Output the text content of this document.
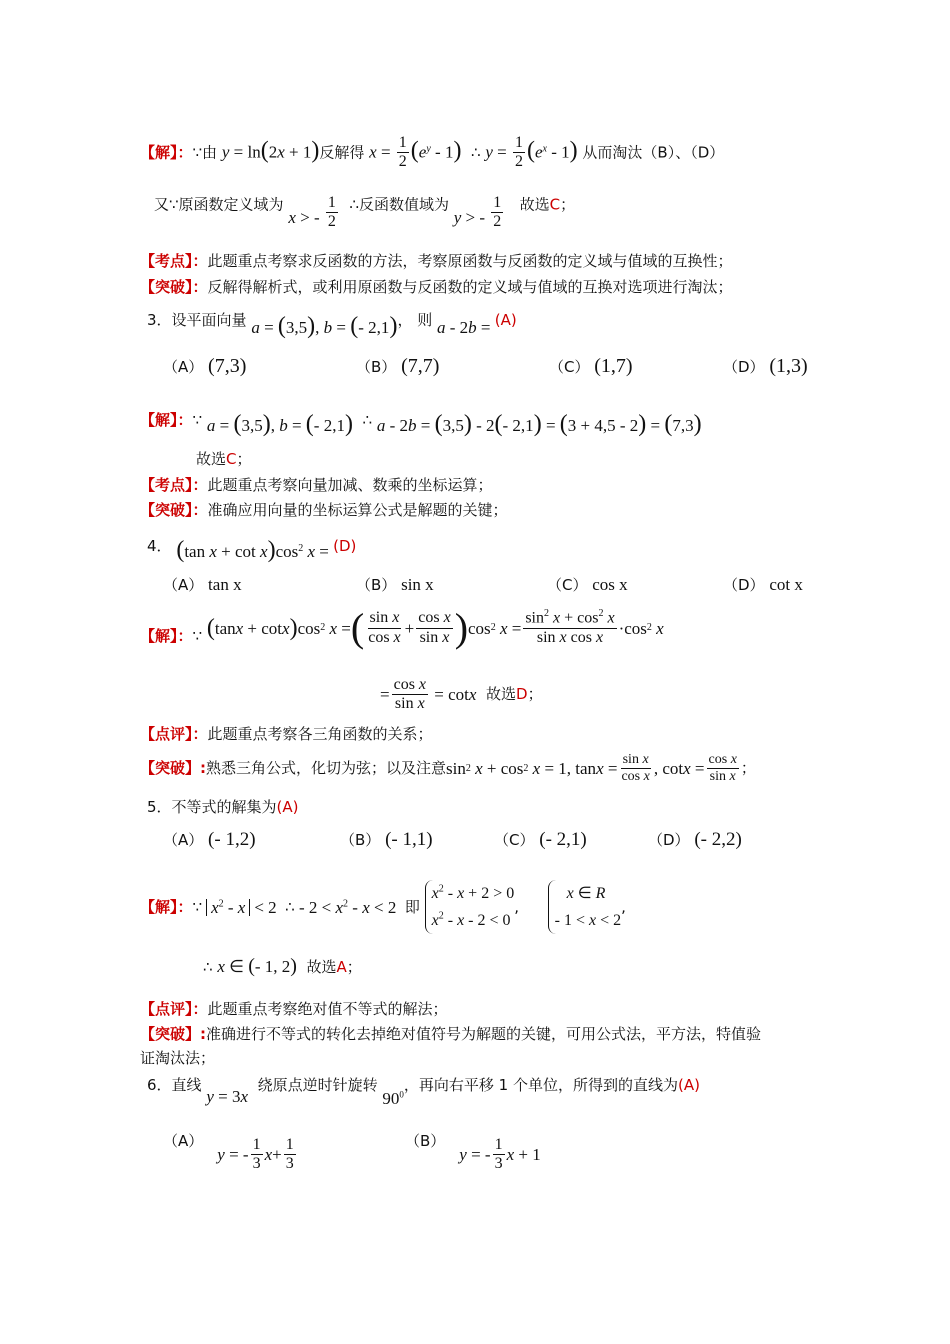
【解】：∵由 y = ln(2x + 1)反解得 $x = \frac{1}{2} (e^y - 1)$ ∴ $y = \frac{1}{2} (e^x - 1)$ 从而淘汰（B）、（D）
又∵原函数定义域为 x > - $\frac{1}{2}$ ∴反函数值域为 y > - $\frac{1}{2}$ 故选C；
【考点】：此题重点考察求反函数的方法，考察原函数与反函数的定义域与值域的互换性；
【突破】：反解得解析式，或利用原函数与反函数的定义域与值域的互换对选项进行淘汰；
3．设平面向量 a = (3,5), b = (- 2,1)， 则 a - 2b = (A)
（A） (7,3)	（B） (7,7)	（C） (1,7)	（D） (1,3)
【解】：∵ a = (3,5), b = (- 2,1) ∴ a - 2b = (3,5) - 2(- 2,1) = (3 + 4,5 - 2) = (7,3)
故选C；
【考点】：此题重点考察向量加减、数乘的坐标运算；
【突破】：准确应用向量的坐标运算公式是解题的关键；
4． (tan $x + \cot x)\cos^2$ x = (D)
（A） tan x	（B） sin x	（C） cos x	（D） cot x
【解】：∵ ( tan x + cot x ) cos 2 x = ( $\frac{\text{sin x}}{\text{cos x}} + \frac{\text{cos x}}{\text{sin x}}$ ) cos 2 $x = \frac{\sin^2 x + \cos^2 x}{\text{sin x cos x}} \cdot\cos$ 2 x
= $\frac{\text{cos x}}{\text{sin x}} = \cot x$
故选 D ；
【点评】：此题重点考察各三角函数的关系；
【突破】: 熟悉三角公式，化切为弦；以及注意 sin 2 x + cos 2 x = 1, $\tan x = \frac{\text{sin x}}{\text{cos x}}$ , $\cot x = \frac{\text{cos x}}{\text{sin x}}$ ；
5．不等式的解集为(A)
（A） (- 1,2)	（B） (- 1,1)	（C） (- 2,1)	（D） (- 2,2)
【解】： ∵ $x^2 - x < 2$ ∴ - $2 < x^2 - x < 2$ 即

$x^2 - x + 2 > 0$
$x^2 - x - 2 < 0$
,

x ∈ R
- 1 < x < 2
,
∴ x ∈ (- 1, 2) 故选A；
【点评】：此题重点考察绝对值不等式的解法；
【突破】:准确进行不等式的转化去掉绝对值符号为解题的关键，可用公式法，平方法，特值验
证淘汰法；
6．直线 y = 3x  绕原点逆时针旋转 $90^0$，再向右平移 1 个单位，所得到的直线为(A)
（A）
y = - $\frac{1}{3}$ $x + \frac{1}{3}$	（B）
y = - $\frac{1}{3}$ x + 1
